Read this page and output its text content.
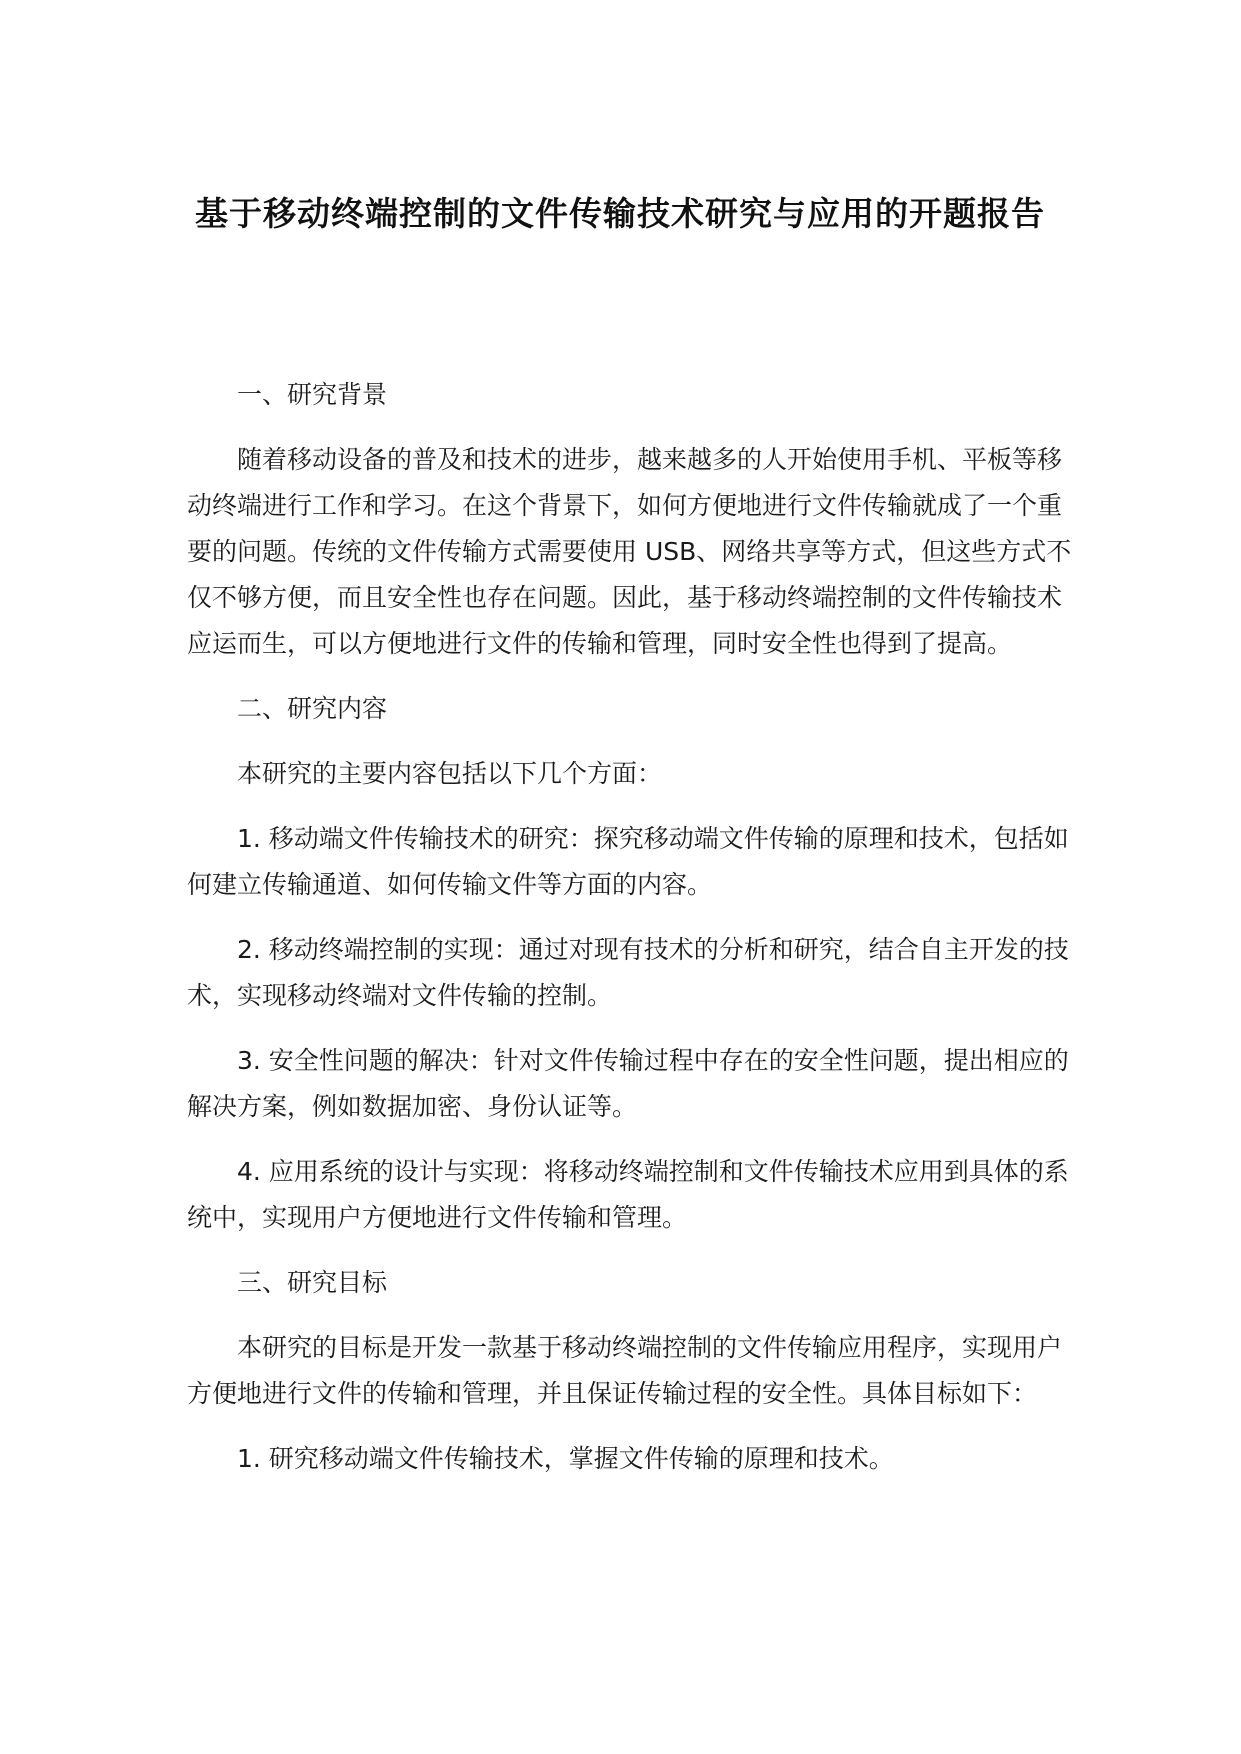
基于移动终端控制的文件传输技术研究与应用的开题报告

一、研究背景

随着移动设备的普及和技术的进步，越来越多的人开始使用手机、平板等移动终端进行工作和学习。在这个背景下，如何方便地进行文件传输就成了一个重要的问题。传统的文件传输方式需要使用 USB、网络共享等方式，但这些方式不仅不够方便，而且安全性也存在问题。因此，基于移动终端控制的文件传输技术应运而生，可以方便地进行文件的传输和管理，同时安全性也得到了提高。

二、研究内容

本研究的主要内容包括以下几个方面：

1. 移动端文件传输技术的研究：探究移动端文件传输的原理和技术，包括如何建立传输通道、如何传输文件等方面的内容。

2. 移动终端控制的实现：通过对现有技术的分析和研究，结合自主开发的技术，实现移动终端对文件传输的控制。

3. 安全性问题的解决：针对文件传输过程中存在的安全性问题，提出相应的解决方案，例如数据加密、身份认证等。

4. 应用系统的设计与实现：将移动终端控制和文件传输技术应用到具体的系统中，实现用户方便地进行文件传输和管理。

三、研究目标

本研究的目标是开发一款基于移动终端控制的文件传输应用程序，实现用户方便地进行文件的传输和管理，并且保证传输过程的安全性。具体目标如下：

1. 研究移动端文件传输技术，掌握文件传输的原理和技术。
